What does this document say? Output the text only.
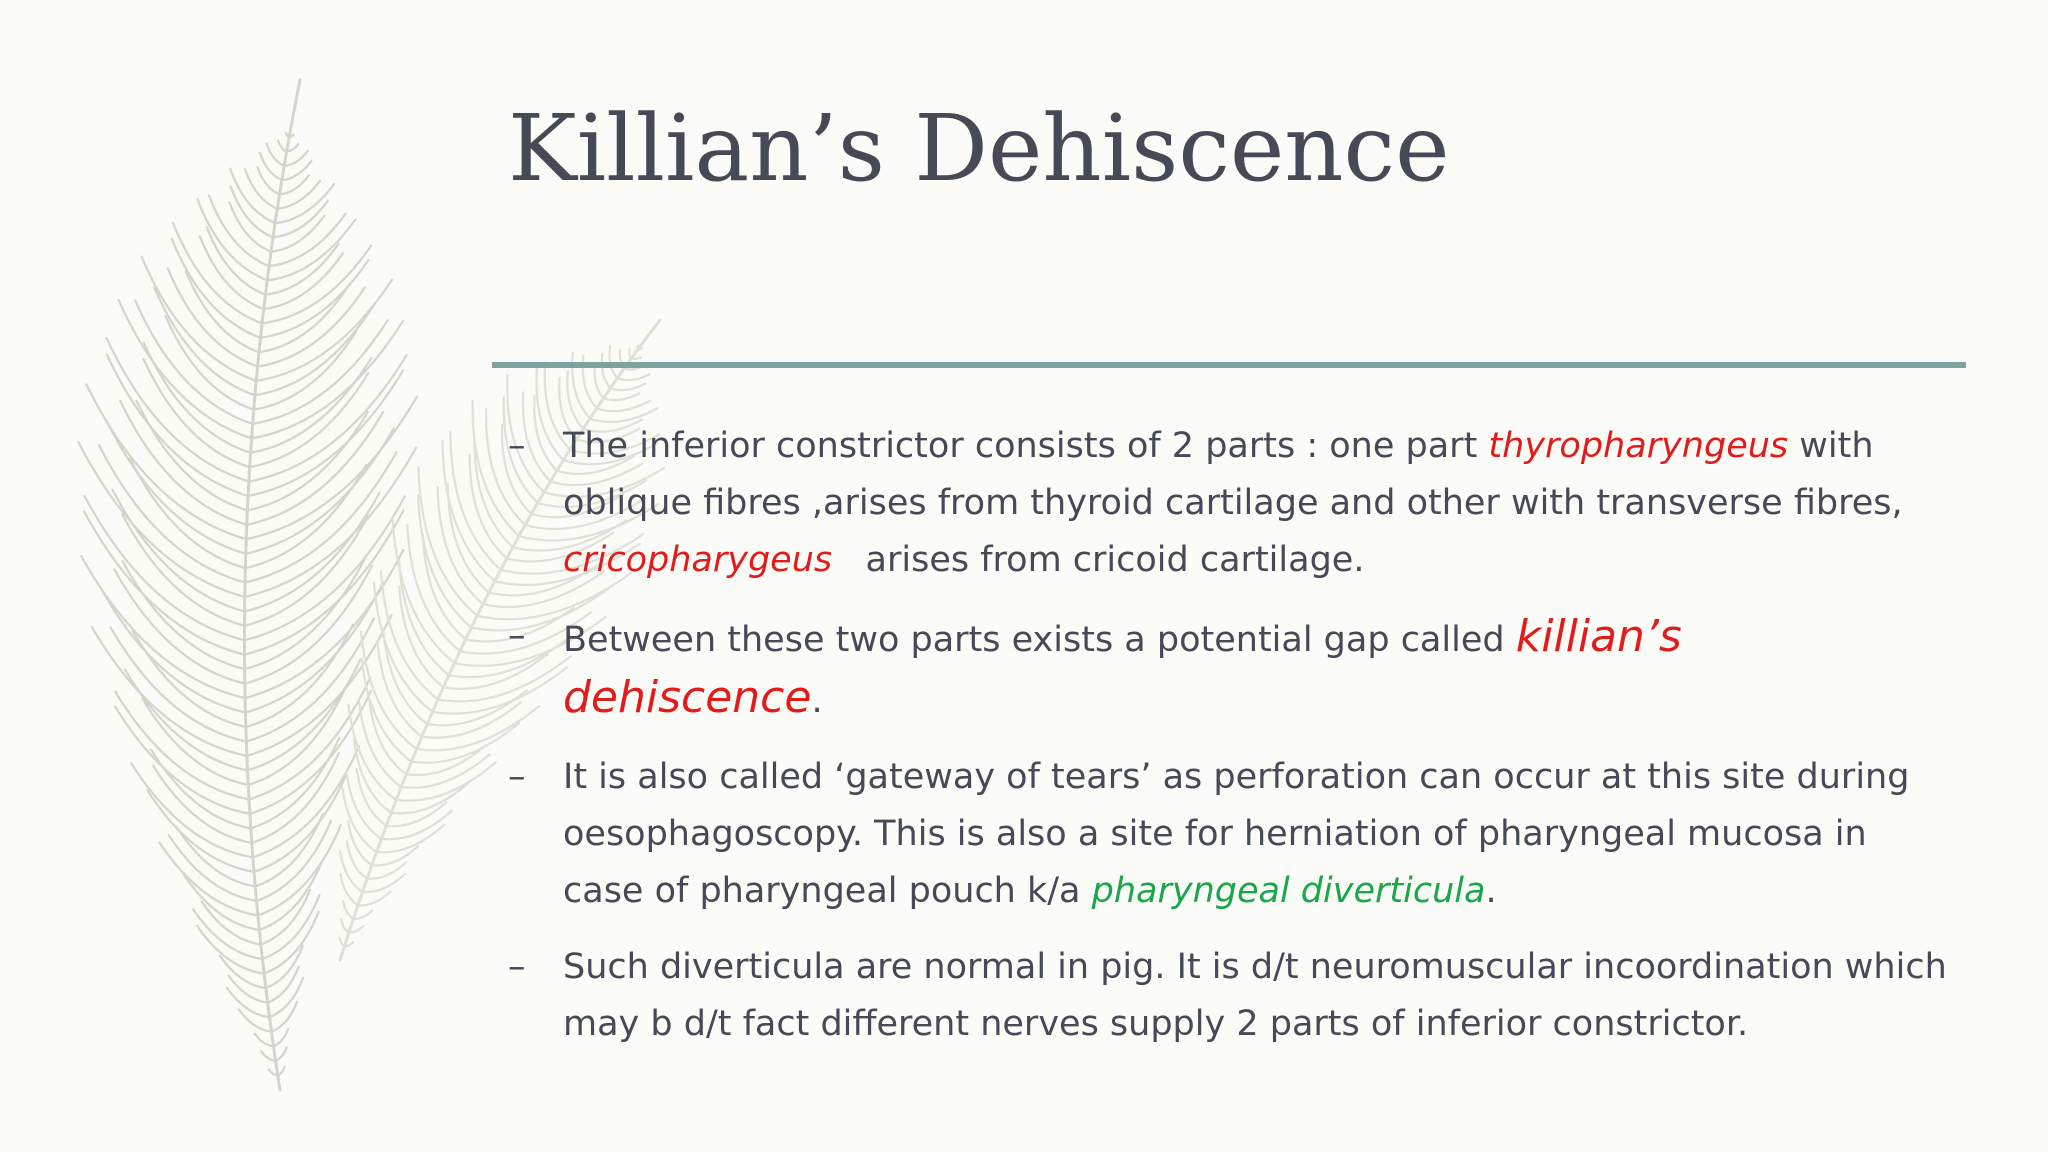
Killian’s Dehiscence
– The inferior constrictor consists of 2 parts : one part thyropharyngeus with oblique fibres ,arises from thyroid cartilage and other with transverse fibres, cricopharygeus   arises from cricoid cartilage.
– Between these two parts exists a potential gap called killian’s dehiscence.
– It is also called ‘gateway of tears’ as perforation can occur at this site during oesophagoscopy. This is also a site for herniation of pharyngeal mucosa in case of pharyngeal pouch k/a pharyngeal diverticula.
– Such diverticula are normal in pig. It is d/t neuromuscular incoordination which may b d/t fact different nerves supply 2 parts of inferior constrictor.
